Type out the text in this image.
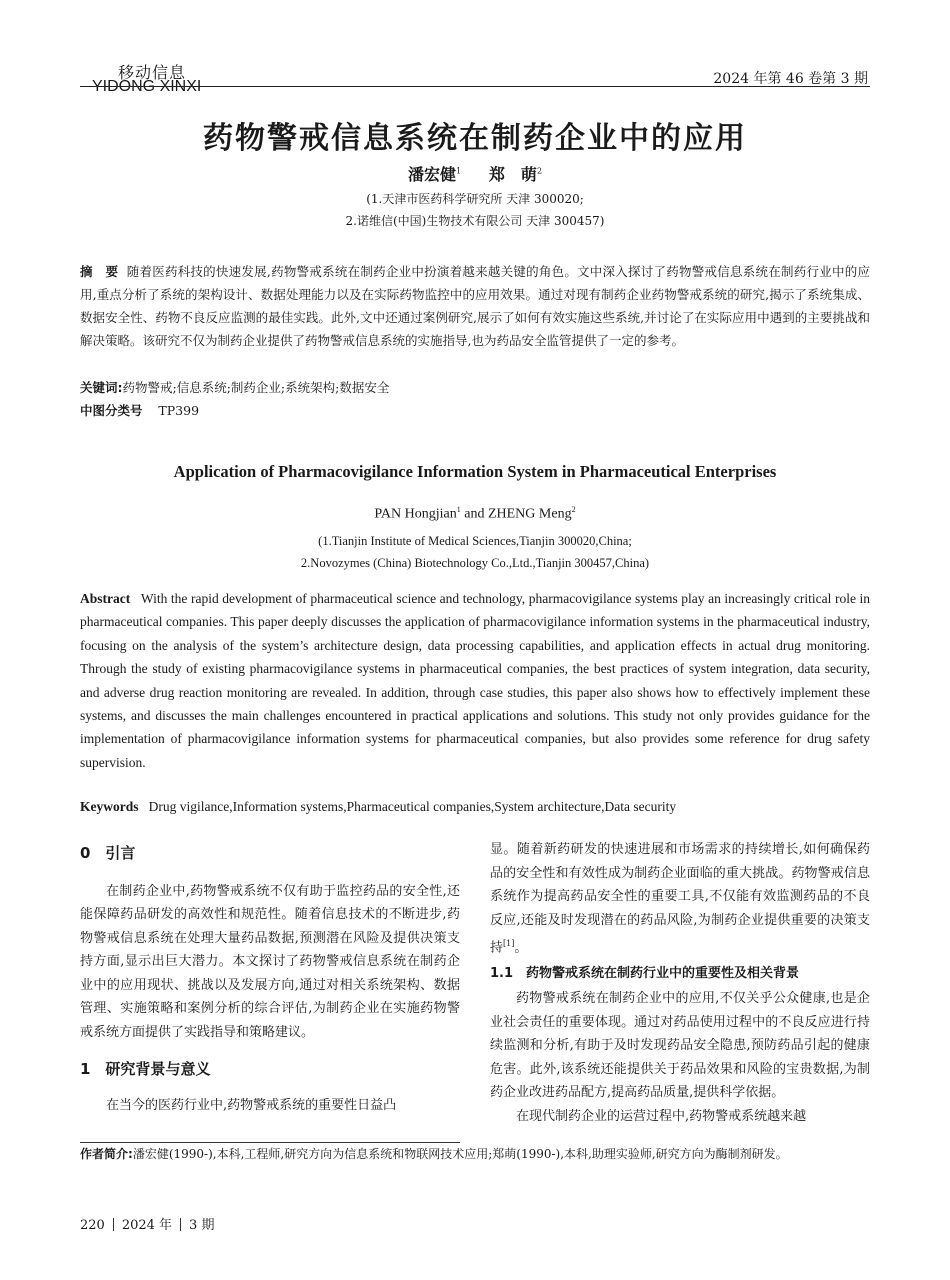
移动信息
YIDONG XINXI	2024 年第 46 卷第 3 期
药物警戒信息系统在制药企业中的应用
潘宏健$^1$ 郑　萌$^2$
(1.天津市医药科学研究所 天津 300020;
2.诺维信(中国)生物技术有限公司 天津 300457)
摘　要 随着医药科技的快速发展,药物警戒系统在制药企业中扮演着越来越关键的角色。文中深入探讨了药物警戒信息系统在制药行业中的应用,重点分析了系统的架构设计、数据处理能力以及在实际药物监控中的应用效果。通过对现有制药企业药物警戒系统的研究,揭示了系统集成、数据安全性、药物不良反应监测的最佳实践。此外,文中还通过案例研究,展示了如何有效实施这些系统,并讨论了在实际应用中遇到的主要挑战和解决策略。该研究不仅为制药企业提供了药物警戒信息系统的实施指导,也为药品安全监管提供了一定的参考。
关键词:药物警戒;信息系统;制药企业;系统架构;数据安全
中图分类号 TP399
Application of Pharmacovigilance Information System in Pharmaceutical Enterprises
PAN Hongjian$^1$ and ZHENG Meng$^2$
(1.Tianjin Institute of Medical Sciences,Tianjin 300020,China;
2.Novozymes (China) Biotechnology Co.,Ltd.,Tianjin 300457,China)
Abstract With the rapid development of pharmaceutical science and technology, pharmacovigilance systems play an increasingly critical role in pharmaceutical companies. This paper deeply discusses the application of pharmacovigilance information systems in the pharmaceutical industry, focusing on the analysis of the system’s architecture design, data processing capabilities, and application effects in actual drug monitoring. Through the study of existing pharmacovigilance systems in pharmaceutical companies, the best practices of system integration, data security, and adverse drug reaction monitoring are revealed. In addition, through case studies, this paper also shows how to effectively implement these systems, and discusses the main challenges encountered in practical applications and solutions. This study not only provides guidance for the implementation of pharmacovigilance information systems for pharmaceutical companies, but also provides some reference for drug safety supervision.
Keywords Drug vigilance,Information systems,Pharmaceutical companies,System architecture,Data security
0　引言

在制药企业中,药物警戒系统不仅有助于监控药品的安全性,还能保障药品研发的高效性和规范性。随着信息技术的不断进步,药物警戒信息系统在处理大量药品数据,预测潜在风险及提供决策支持方面,显示出巨大潜力。本文探讨了药物警戒信息系统在制药企业中的应用现状、挑战以及发展方向,通过对相关系统架构、数据管理、实施策略和案例分析的综合评估,为制药企业在实施药物警戒系统方面提供了实践指导和策略建议。

1　研究背景与意义

在当今的医药行业中,药物警戒系统的重要性日益凸

显。随着新药研发的快速进展和市场需求的持续增长,如何确保药品的安全性和有效性成为制药企业面临的重大挑战。药物警戒信息系统作为提高药品安全性的重要工具,不仅能有效监测药品的不良反应,还能及时发现潜在的药品风险,为制药企业提供重要的决策支持[1]。

1.1　药物警戒系统在制药行业中的重要性及相关背景

药物警戒系统在制药企业中的应用,不仅关乎公众健康,也是企业社会责任的重要体现。通过对药品使用过程中的不良反应进行持续监测和分析,有助于及时发现药品安全隐患,预防药品引起的健康危害。此外,该系统还能提供关于药品效果和风险的宝贵数据,为制药企业改进药品配方,提高药品质量,提供科学依据。

在现代制药企业的运营过程中,药物警戒系统越来越

作者简介:潘宏健(1990-),本科,工程师,研究方向为信息系统和物联网技术应用;郑萌(1990-),本科,助理实验师,研究方向为酶制剂研发。
220 2024 年 3 期
